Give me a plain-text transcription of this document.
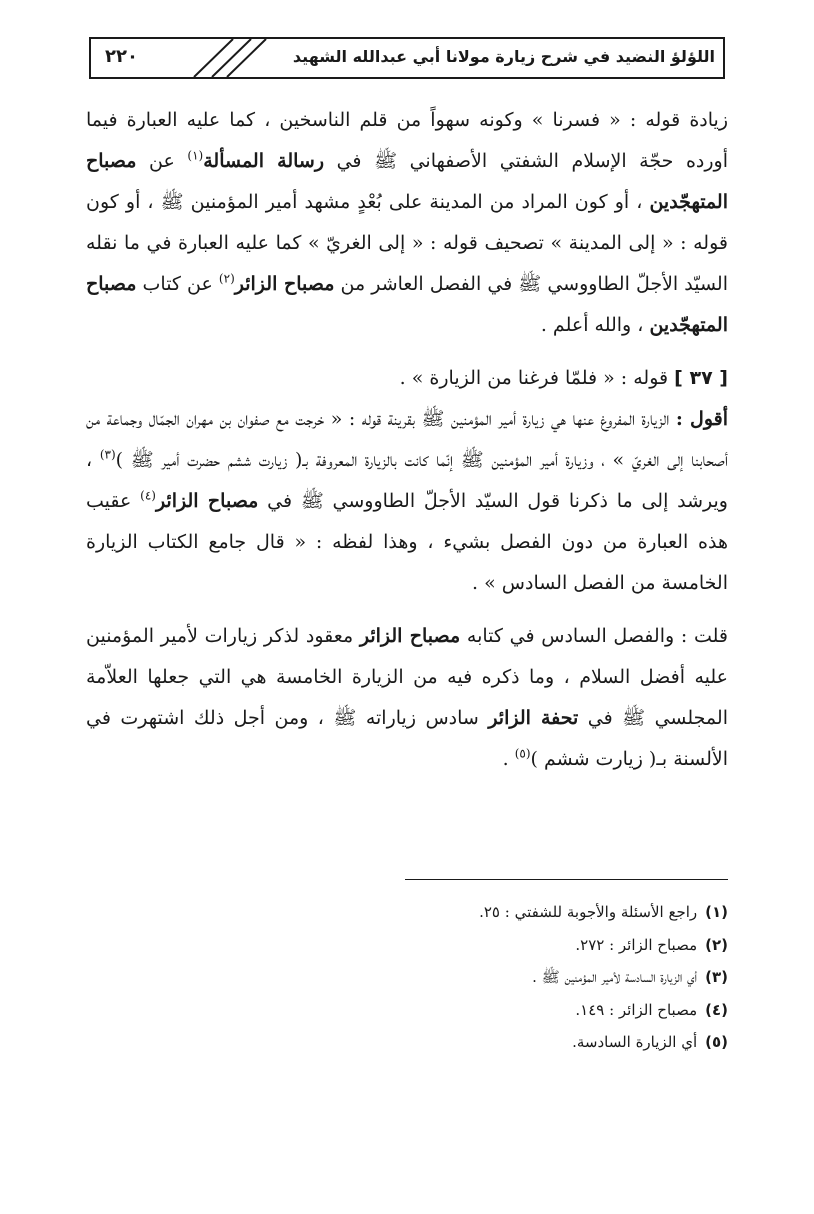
٢٢٠	اللؤلؤ النضيد في شرح زيارة مولانا أبي عبدالله الشهيد

زيادة قوله : « فسرنا » وكونه سهواً من قلم الناسخين ، كما عليه العبارة فيما أورده حجّة الإسلام الشفتي الأصفهاني ﷺ في رسالة المسألة$^{(١)}$ عن مصباح المتهجّدين ، أو كون المراد من المدينة على بُعْدٍ مشهد أمير المؤمنين ﷺ ، أو كون قوله : « إلى المدينة » تصحيف قوله : « إلى الغريّ » كما عليه العبارة في ما نقله السيّد الأجلّ الطاووسي ﷺ في الفصل العاشر من مصباح الزائر$^{(٢)}$ عن كتاب مصباح المتهجّدين ، والله أعلم .

[ ٣٧ ] قوله : « فلمّا فرغنا من الزيارة » .

أقول : الزيارة المفروغ عنها هي زيارة أمير المؤمنين ﷺ بقرينة قوله : « خرجت مع صفوان بن مهران الجمّال وجماعة من أصحابنا إلى الغريّ » ، وزيارة أمير المؤمنين ﷺ إنّما كانت بالزيارة المعروفة بـ( زيارت ششم حضرت أمير ﷺ )$^{(٣)}$ ، ويرشد إلى ما ذكرنا قول السيّد الأجلّ الطاووسي ﷺ في مصباح الزائر$^{(٤)}$ عقيب هذه العبارة من دون الفصل بشيء ، وهذا لفظه : « قال جامع الكتاب الزيارة الخامسة من الفصل السادس » .

قلت : والفصل السادس في كتابه مصباح الزائر معقود لذكر زيارات لأمير المؤمنين عليه أفضل السلام ، وما ذكره فيه من الزيارة الخامسة هي التي جعلها العلاّمة المجلسي ﷺ في تحفة الزائر سادس زياراته ﷺ ، ومن أجل ذلك اشتهرت في الألسنة بـ( زيارت ششم )$^{(٥)}$ .

(١)راجع الأسئلة والأجوبة للشفتي : ٢٥.
(٢)مصباح الزائر : ٢٧٢.
(٣)أي الزيارة السادسة لأمير المؤمنين ﷺ .
(٤)مصباح الزائر : ١٤٩.
(٥)أي الزيارة السادسة.
